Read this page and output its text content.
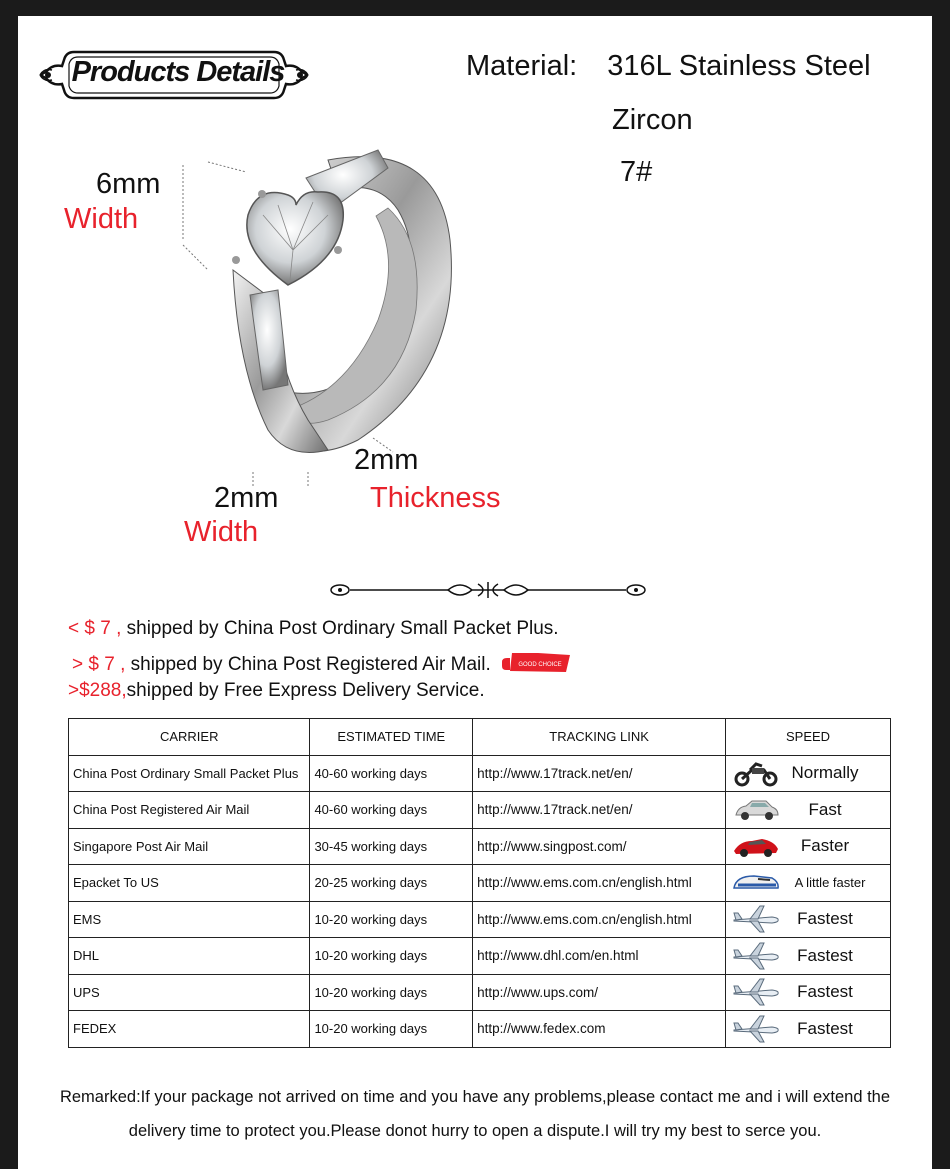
Products Details	Material: 316L Stainless Steel
Zircon
7#
6mm
Width
2mm
Thickness
2mm
Width
< $ 7 , shipped by China Post Ordinary Small Packet Plus.
> $ 7 , shipped by China Post Registered Air Mail.	GOOD CHOICE
>$288,shipped by Free Express Delivery Service.
CARRIER	ESTIMATED TIME	TRACKING LINK	SPEED
China Post Ordinary Small Packet Plus	40-60 working days	http://www.17track.net/en/	Normally

China Post Registered Air Mail	40-60 working days	http://www.17track.net/en/	Fast

Singapore Post Air Mail	30-45 working days	http://www.singpost.com/	Faster

Epacket To US	20-25 working days	http://www.ems.com.cn/english.html	A little faster

EMS	10-20 working days	http://www.ems.com.cn/english.html	Fastest

DHL	10-20 working days	http://www.dhl.com/en.html	Fastest

UPS	10-20 working days	http://www.ups.com/	Fastest

FEDEX	10-20 working days	http://www.fedex.com	Fastest
Remarked:If your package not arrived on time and you have any problems,please contact me and i will extend the
delivery time to protect you.Please donot hurry to open a dispute.I will try my best to serce you.
